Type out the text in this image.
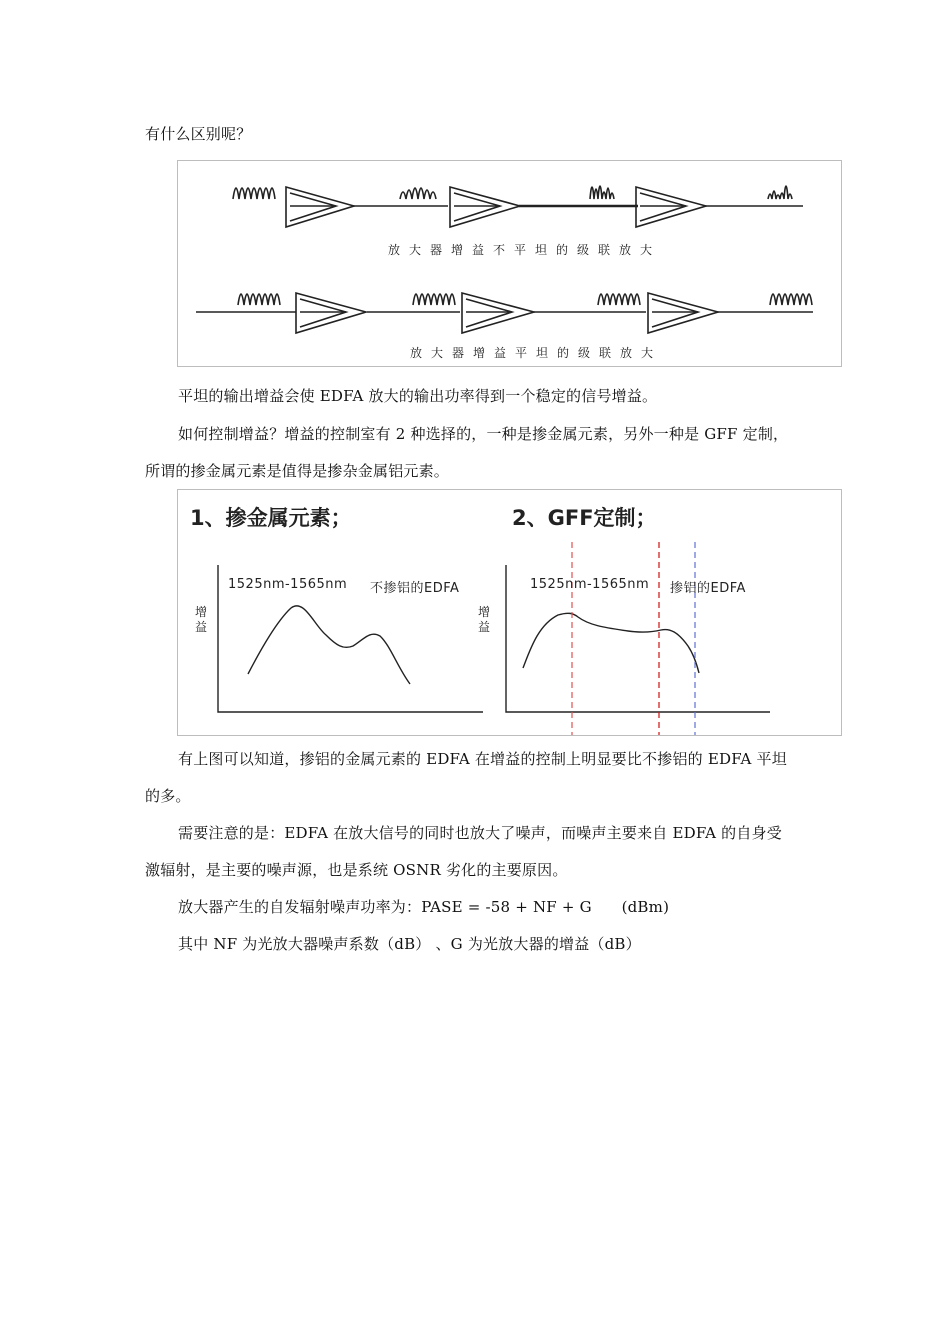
有什么区别呢？
放大器增益不平坦的级联放大
放大器增益平坦的级联放大
平坦的输出增益会使 EDFA 放大的输出功率得到一个稳定的信号增益。
如何控制增益？增益的控制室有 2 种选择的，一种是掺金属元素，另外一种是 GFF 定制，
所谓的掺金属元素是值得是掺杂金属铝元素。
1、掺金属元素；	2、GFF定制；
1525nm-1565nm 不掺铝的EDFA	1525nm-1565nm 掺铝的EDFA
增益
增益
有上图可以知道，掺铝的金属元素的 EDFA 在增益的控制上明显要比不掺铝的 EDFA 平坦
的多。
需要注意的是：EDFA 在放大信号的同时也放大了噪声，而噪声主要来自 EDFA 的自身受
激辐射，是主要的噪声源，也是系统 OSNR 劣化的主要原因。
放大器产生的自发辐射噪声功率为：PASE = -58 + NF + G      (dBm)
其中 NF 为光放大器噪声系数（dB） 、G 为光放大器的增益（dB）
